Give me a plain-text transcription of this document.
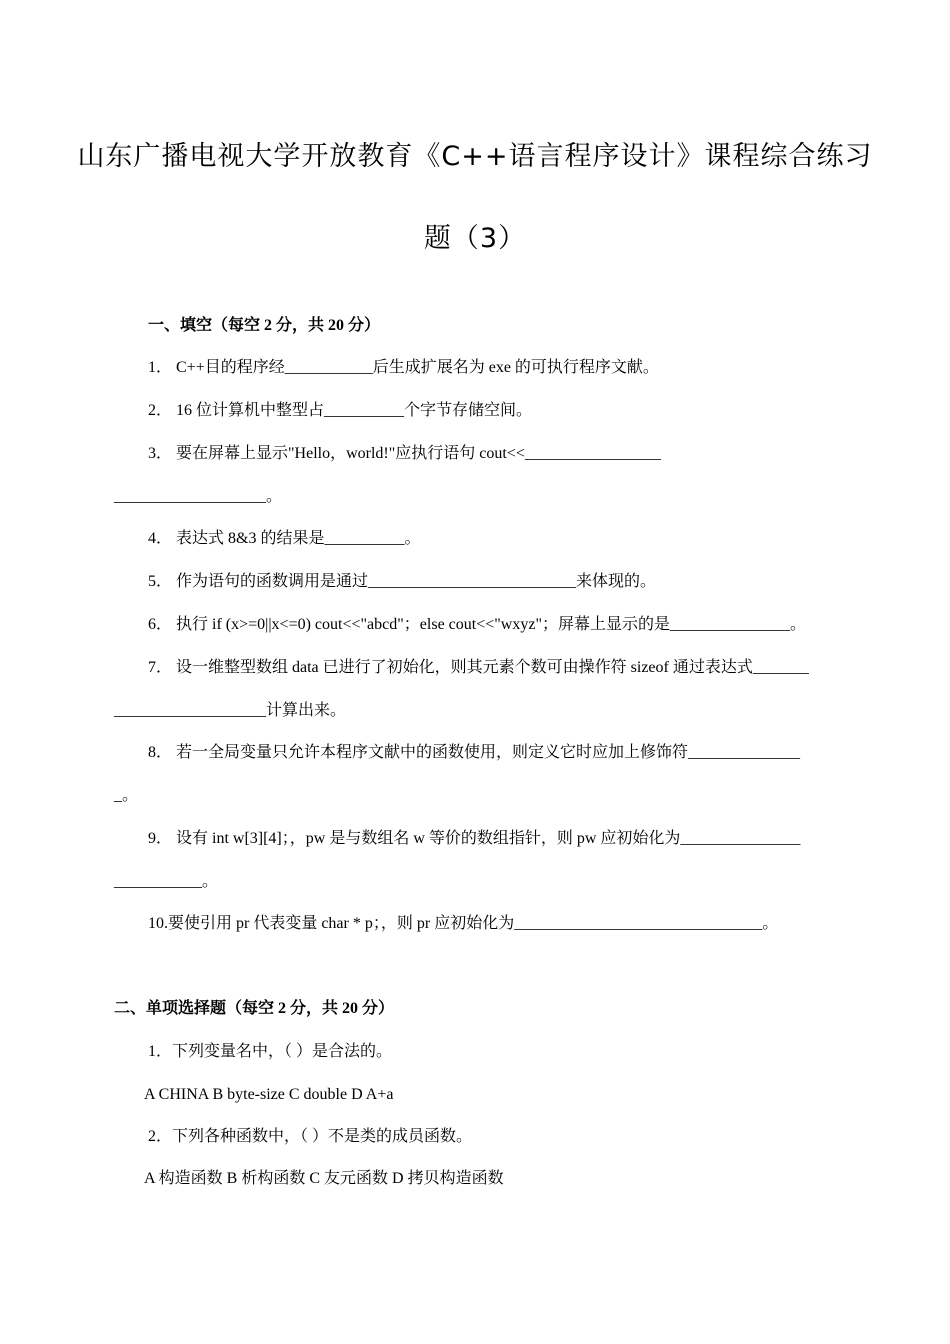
山东广播电视大学开放教育《C++语言程序设计》课程综合练习
题（3）
一、填空（每空 2 分，共 20 分）
1． C++目的程序经___________后生成扩展名为 exe 的可执行程序文献。
2． 16 位计算机中整型占__________个字节存储空间。
3． 要在屏幕上显示"Hello，world!"应执行语句 cout<<_________________
___________________。
4． 表达式 8&3 的结果是__________。
5． 作为语句的函数调用是通过__________________________来体现的。
6． 执行 if (x>=0||x<=0) cout<<"abcd"；else cout<<"wxyz"；屏幕上显示的是_______________。
7． 设一维整型数组 data 已进行了初始化，则其元素个数可由操作符 sizeof 通过表达式_______
___________________计算出来。
8． 若一全局变量只允许本程序文献中的函数使用，则定义它时应加上修饰符______________
_。
9． 设有 int w[3][4]；，pw 是与数组名 w 等价的数组指针，则 pw 应初始化为_______________
___________。
10.要使引用 pr 代表变量 char * p；，则 pr 应初始化为_______________________________。
二、单项选择题（每空 2 分，共 20 分）
1．下列变量名中，（ ）是合法的。
A CHINA B byte-size C double D A+a
2．下列各种函数中，（ ）不是类的成员函数。
A 构造函数 B 析构函数 C 友元函数 D 拷贝构造函数
